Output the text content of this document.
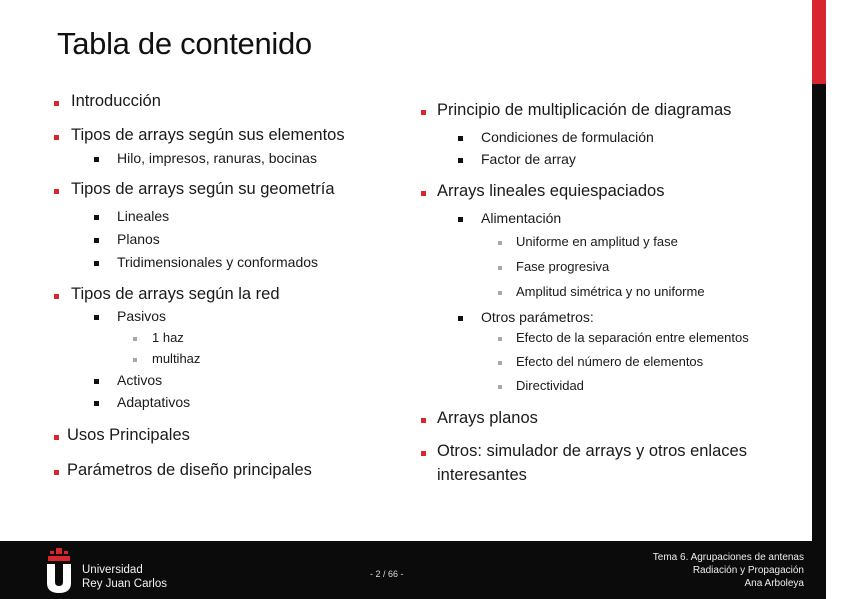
Tabla de contenido
Introducción
Tipos de arrays según sus elementos
Hilo, impresos, ranuras, bocinas
Tipos de arrays según su geometría
Lineales
Planos
Tridimensionales y conformados
Tipos de arrays según la red
Pasivos
1 haz
multihaz
Activos
Adaptativos
Usos Principales
Parámetros de diseño principales
Principio de multiplicación de diagramas
Condiciones de formulación
Factor de array
Arrays lineales equiespaciados
Alimentación
Uniforme en amplitud y fase
Fase progresiva
Amplitud simétrica y no uniforme
Otros parámetros:
Efecto de la separación entre elementos
Efecto del número de elementos
Directividad
Arrays planos
Otros: simulador de arrays y otros enlaces
interesantes
Universidad
Rey Juan Carlos
- 2 / 66 -
Tema 6. Agrupaciones de antenas
Radiación y Propagación
Ana Arboleya
